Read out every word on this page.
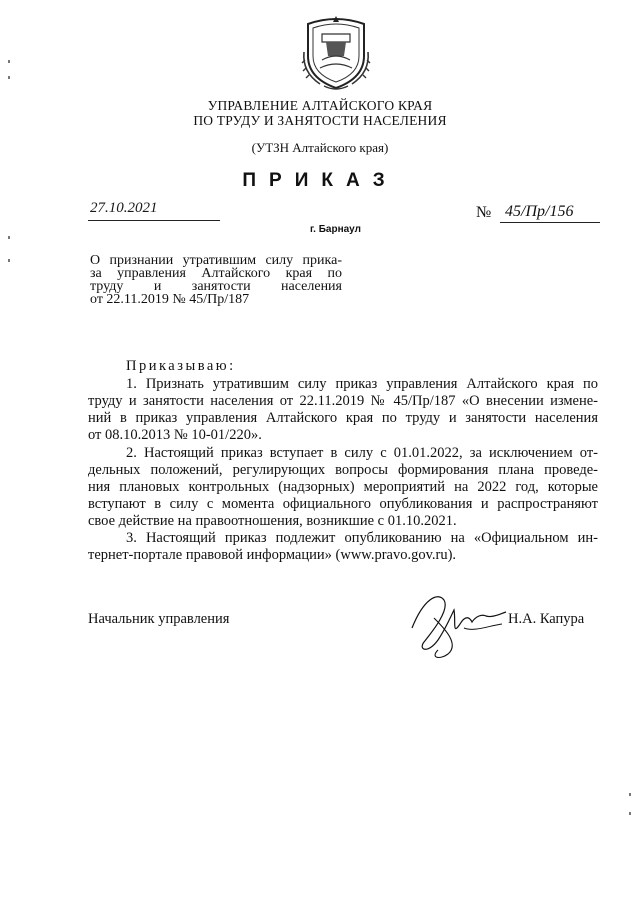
УПРАВЛЕНИЕ АЛТАЙСКОГО КРАЯ
ПО ТРУДУ И ЗАНЯТОСТИ НАСЕЛЕНИЯ
(УТЗН Алтайского края)
ПРИКАЗ
27.10.2021
г. Барнаул
№ 45/Пр/156
О признании утратившим силу прика-
за управления Алтайского края по
труду и занятости населения
от 22.11.2019 № 45/Пр/187
Приказываю:
1. Признать утратившим силу приказ управления Алтайского края по
труду и занятости населения от 22.11.2019 № 45/Пр/187 «О внесении измене-
ний в приказ управления Алтайского края по труду и занятости населения
от 08.10.2013 № 10-01/220».
2. Настоящий приказ вступает в силу с 01.01.2022, за исключением от-
дельных положений, регулирующих вопросы формирования плана проведе-
ния плановых контрольных (надзорных) мероприятий на 2022 год, которые
вступают в силу с момента официального опубликования и распространяют
свое действие на правоотношения, возникшие с 01.10.2021.
3. Настоящий приказ подлежит опубликованию на «Официальном ин-
тернет-портале правовой информации» (www.pravo.gov.ru).
Начальник управления	Н.А. Капура
